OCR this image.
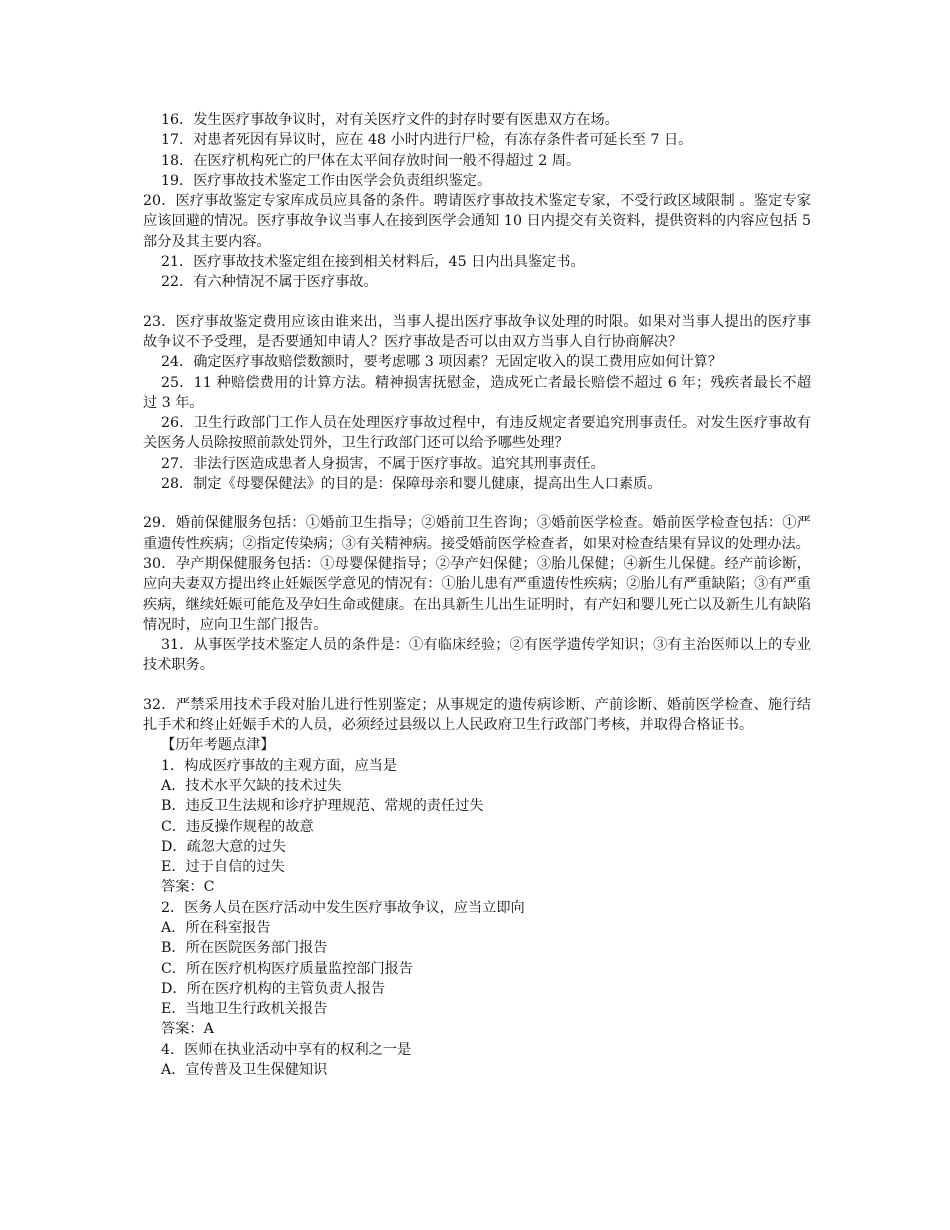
16．发生医疗事故争议时，对有关医疗文件的封存时要有医患双方在场。
17．对患者死因有异议时，应在 48 小时内进行尸检，有冻存条件者可延长至 7 日。
18．在医疗机构死亡的尸体在太平间存放时间一般不得超过 2 周。
19．医疗事故技术鉴定工作由医学会负责组织鉴定。
20．医疗事故鉴定专家库成员应具备的条件。聘请医疗事故技术鉴定专家，不受行政区域限制 。鉴定专家应该回避的情况。医疗事故争议当事人在接到医学会通知 10 日内提交有关资料，提供资料的内容应包括 5 部分及其主要内容。
21．医疗事故技术鉴定组在接到相关材料后，45 日内出具鉴定书。
22．有六种情况不属于医疗事故。
23．医疗事故鉴定费用应该由谁来出，当事人提出医疗事故争议处理的时限。如果对当事人提出的医疗事故争议不予受理，是否要通知申请人？医疗事故是否可以由双方当事人自行协商解决？
24．确定医疗事故赔偿数额时，要考虑哪 3 项因素？无固定收入的误工费用应如何计算？
25．11 种赔偿费用的计算方法。精神损害抚慰金，造成死亡者最长赔偿不超过 6 年；残疾者最长不超过 3 年。
26．卫生行政部门工作人员在处理医疗事故过程中，有违反规定者要追究刑事责任。对发生医疗事故有关医务人员除按照前款处罚外，卫生行政部门还可以给予哪些处理？
27．非法行医造成患者人身损害，不属于医疗事故。追究其刑事责任。
28．制定《母婴保健法》的目的是：保障母亲和婴儿健康，提高出生人口素质。
29．婚前保健服务包括：①婚前卫生指导；②婚前卫生咨询；③婚前医学检查。婚前医学检查包括：①严重遗传性疾病；②指定传染病；③有关精神病。接受婚前医学检查者，如果对检查结果有异议的处理办法。
30．孕产期保健服务包括：①母婴保健指导；②孕产妇保健；③胎儿保健；④新生儿保健。经产前诊断，应向夫妻双方提出终止妊娠医学意见的情况有：①胎儿患有严重遗传性疾病；②胎儿有严重缺陷；③有严重疾病，继续妊娠可能危及孕妇生命或健康。在出具新生儿出生证明时，有产妇和婴儿死亡以及新生儿有缺陷情况时，应向卫生部门报告。
31．从事医学技术鉴定人员的条件是：①有临床经验；②有医学遗传学知识；③有主治医师以上的专业技术职务。
32．严禁采用技术手段对胎儿进行性别鉴定；从事规定的遗传病诊断、产前诊断、婚前医学检查、施行结扎手术和终止妊娠手术的人员，必须经过县级以上人民政府卫生行政部门考核，并取得合格证书。
【历年考题点津】
1．构成医疗事故的主观方面，应当是
A．技术水平欠缺的技术过失
B．违反卫生法规和诊疗护理规范、常规的责任过失
C．违反操作规程的故意
D．疏忽大意的过失
E．过于自信的过失
答案：C
2．医务人员在医疗活动中发生医疗事故争议，应当立即向
A．所在科室报告
B．所在医院医务部门报告
C．所在医疗机构医疗质量监控部门报告
D．所在医疗机构的主管负责人报告
E．当地卫生行政机关报告
答案：A
4．医师在执业活动中享有的权利之一是
A．宣传普及卫生保健知识
